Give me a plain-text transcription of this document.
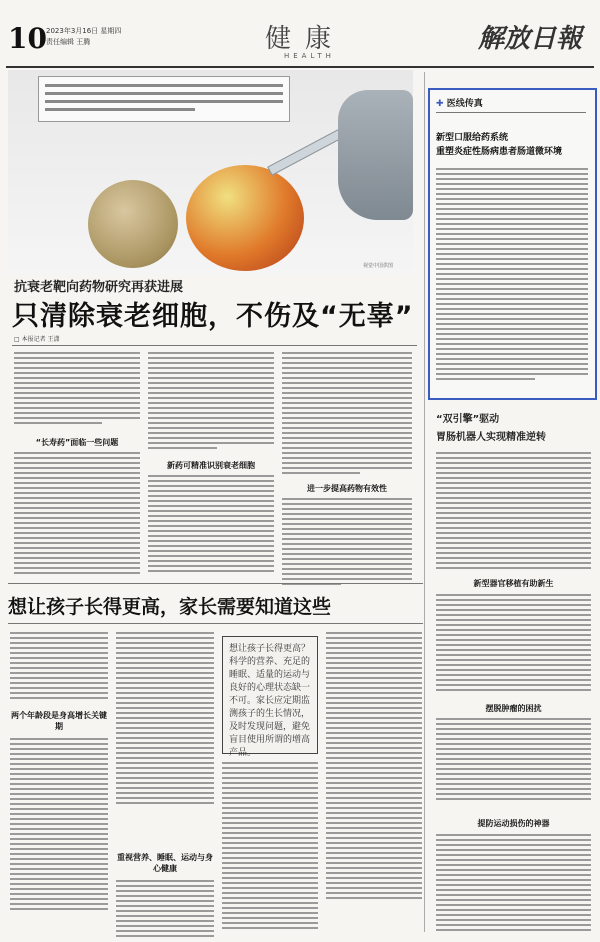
10 2023年3月16日 星期四
责任编辑 王腾	健康
HEALTH
解放日報
视觉中国供图
抗衰老靶向药物研究再获进展
只清除衰老细胞，不伤及“无辜”
□ 本报记者 王潇
“长寿药”面临一些问题
新药可精准识别衰老细胞
进一步提高药物有效性
✚ 医线传真
新型口服给药系统
重塑炎症性肠病患者肠道微环境
“双引擎”驱动
胃肠机器人实现精准逆转
新型器官移植有助新生
摆脱肿瘤的困扰
提防运动损伤的神器
想让孩子长得更高，家长需要知道这些
两个年龄段是身高增长关键期
重视营养、睡眠、运动与身心健康
想让孩子长得更高？科学的营养、充足的睡眠、适量的运动与良好的心理状态缺一不可。家长应定期监测孩子的生长情况，及时发现问题，避免盲目使用所谓的增高产品。
